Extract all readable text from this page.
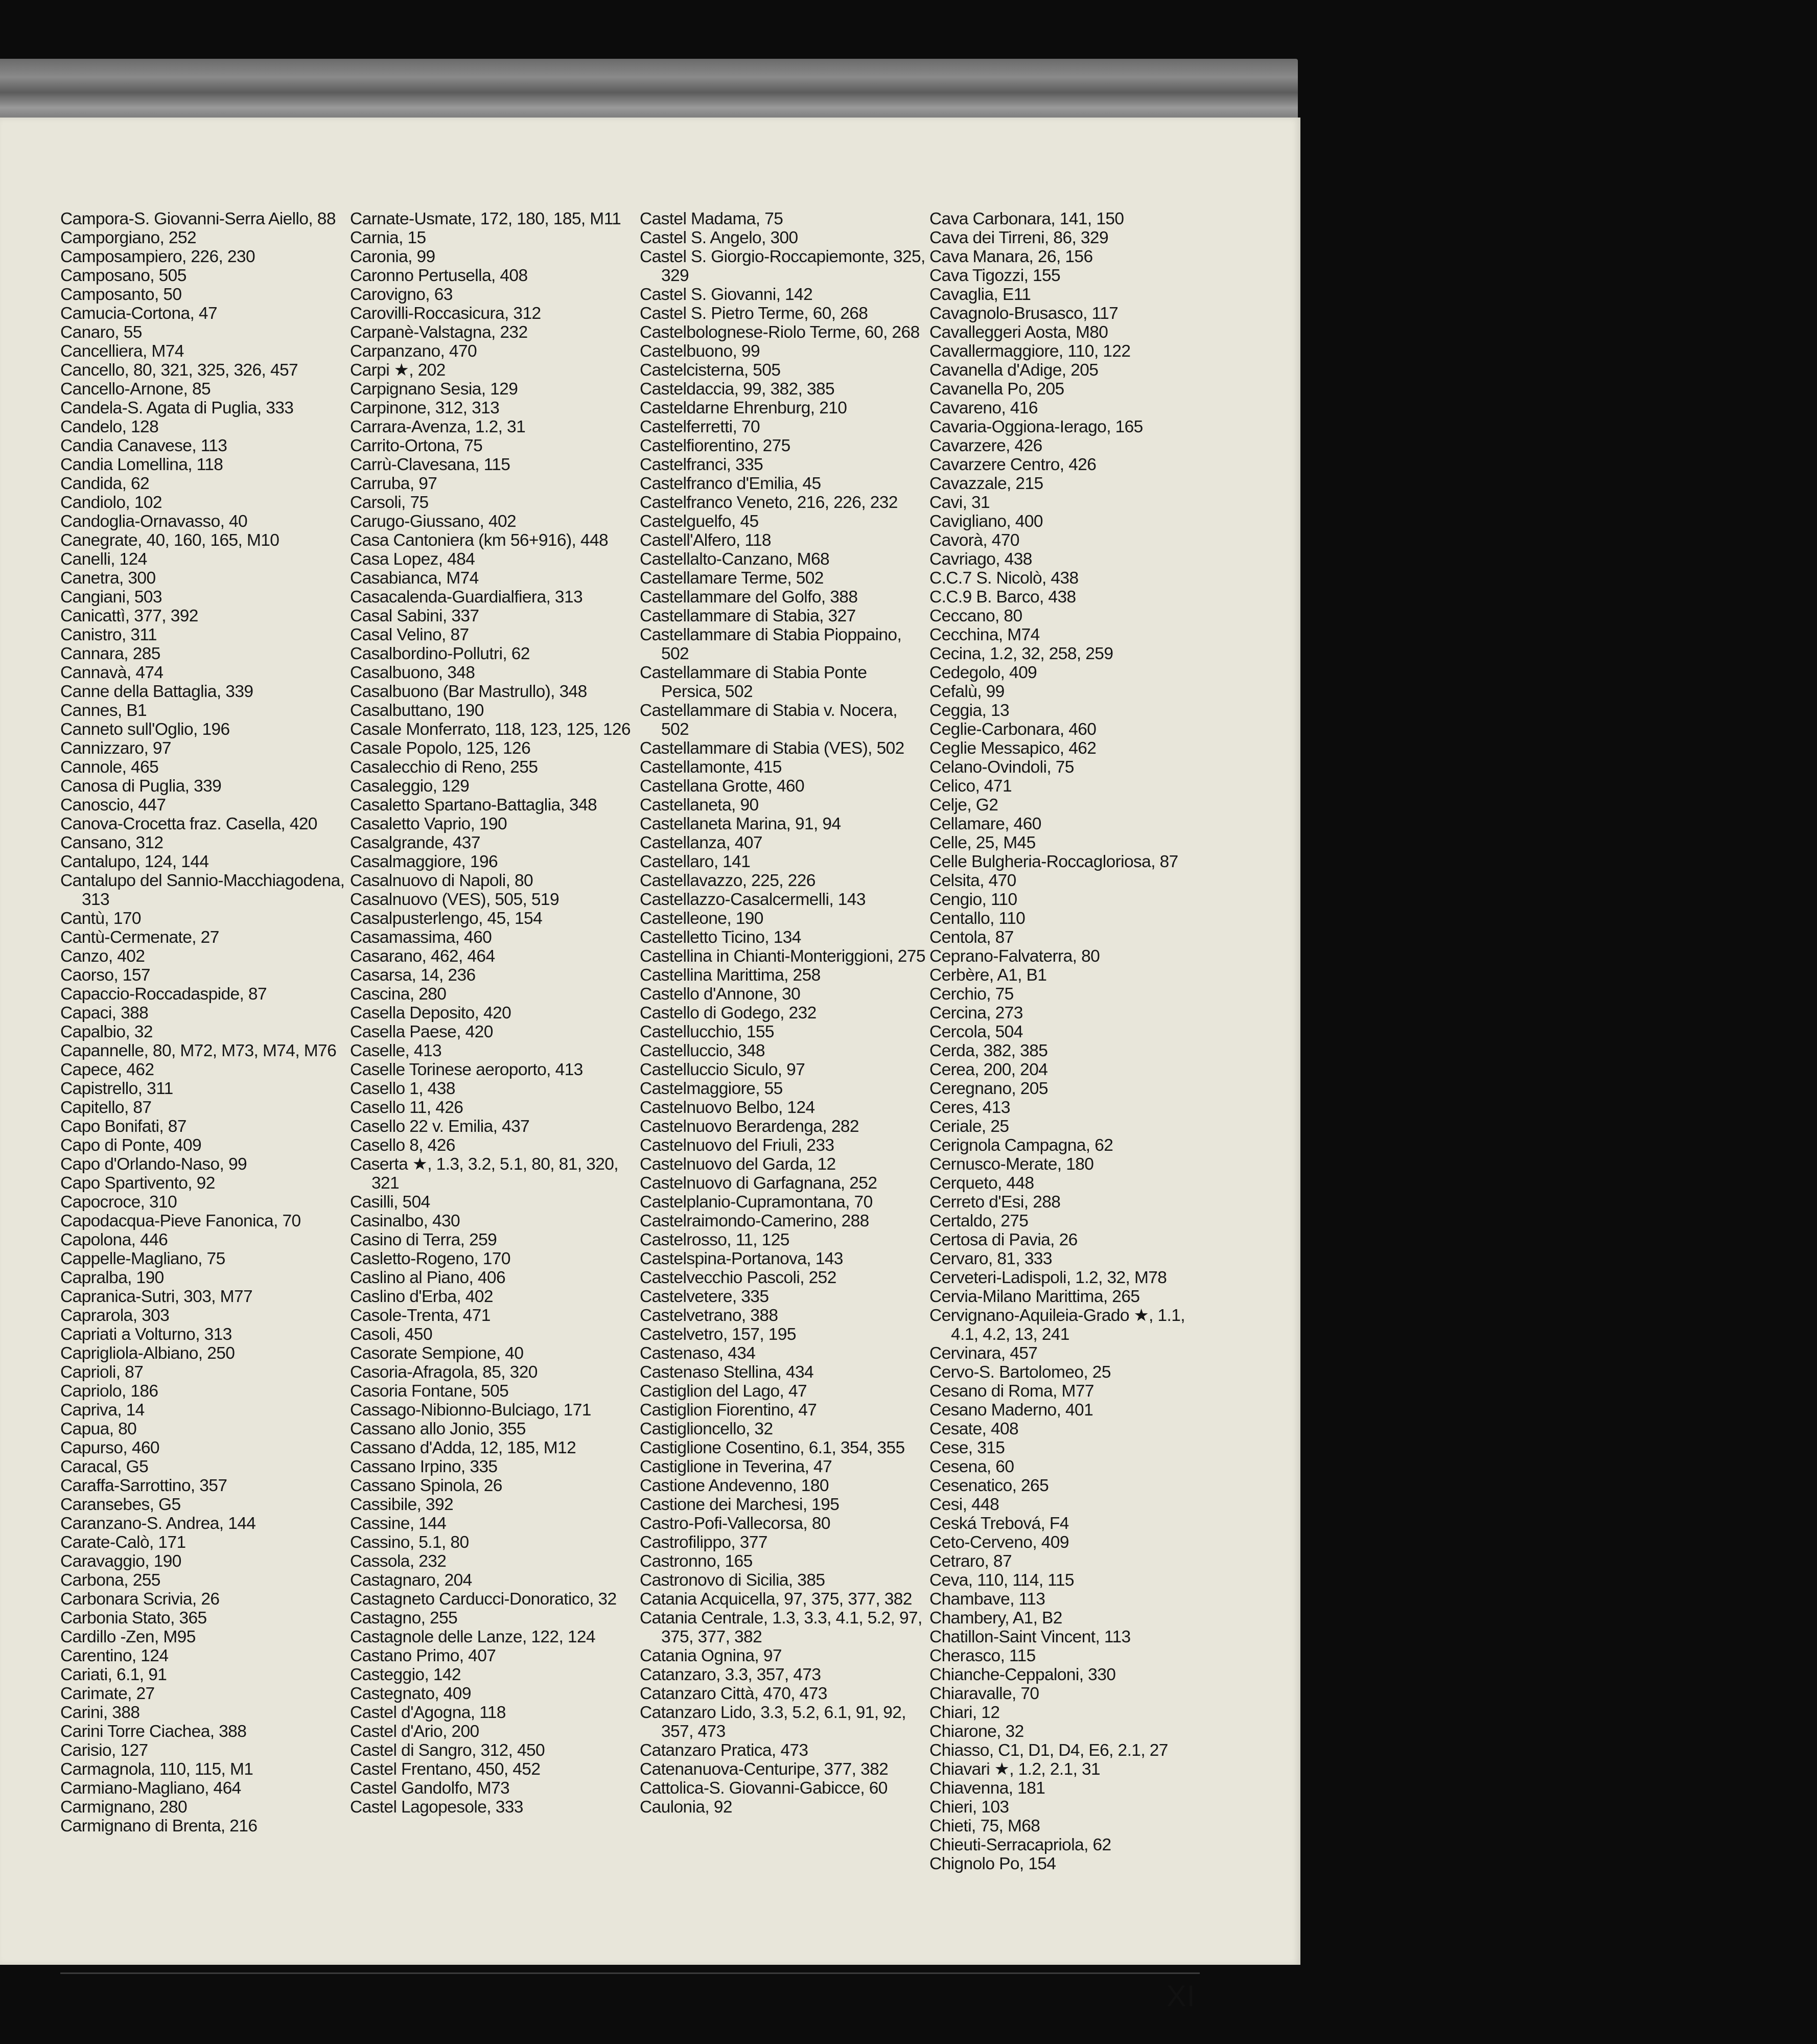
Campora-S. Giovanni-Serra Aiello, 88
Camporgiano, 252
Camposampiero, 226, 230
Camposano, 505
Camposanto, 50
Camucia-Cortona, 47
Canaro, 55
Cancelliera, M74
Cancello, 80, 321, 325, 326, 457
Cancello-Arnone, 85
Candela-S. Agata di Puglia, 333
Candelo, 128
Candia Canavese, 113
Candia Lomellina, 118
Candida, 62
Candiolo, 102
Candoglia-Ornavasso, 40
Canegrate, 40, 160, 165, M10
Canelli, 124
Canetra, 300
Cangiani, 503
Canicattì, 377, 392
Canistro, 311
Cannara, 285
Cannavà, 474
Canne della Battaglia, 339
Cannes, B1
Canneto sull'Oglio, 196
Cannizzaro, 97
Cannole, 465
Canosa di Puglia, 339
Canoscio, 447
Canova-Crocetta fraz. Casella, 420
Cansano, 312
Cantalupo, 124, 144
Cantalupo del Sannio-Macchiagodena, 313
Cantù, 170
Cantù-Cermenate, 27
Canzo, 402
Caorso, 157
Capaccio-Roccadaspide, 87
Capaci, 388
Capalbio, 32
Capannelle, 80, M72, M73, M74, M76
Capece, 462
Capistrello, 311
Capitello, 87
Capo Bonifati, 87
Capo di Ponte, 409
Capo d'Orlando-Naso, 99
Capo Spartivento, 92
Capocroce, 310
Capodacqua-Pieve Fanonica, 70
Capolona, 446
Cappelle-Magliano, 75
Capralba, 190
Capranica-Sutri, 303, M77
Caprarola, 303
Capriati a Volturno, 313
Caprigliola-Albiano, 250
Caprioli, 87
Capriolo, 186
Capriva, 14
Capua, 80
Capurso, 460
Caracal, G5
Caraffa-Sarrottino, 357
Caransebes, G5
Caranzano-S. Andrea, 144
Carate-Calò, 171
Caravaggio, 190
Carbona, 255
Carbonara Scrivia, 26
Carbonia Stato, 365
Cardillo -Zen, M95
Carentino, 124
Cariati, 6.1, 91
Carimate, 27
Carini, 388
Carini Torre Ciachea, 388
Carisio, 127
Carmagnola, 110, 115, M1
Carmiano-Magliano, 464
Carmignano, 280
Carmignano di Brenta, 216
Carnate-Usmate, 172, 180, 185, M11
Carnia, 15
Caronia, 99
Caronno Pertusella, 408
Carovigno, 63
Carovilli-Roccasicura, 312
Carpanè-Valstagna, 232
Carpanzano, 470
Carpi ★, 202
Carpignano Sesia, 129
Carpinone, 312, 313
Carrara-Avenza, 1.2, 31
Carrito-Ortona, 75
Carrù-Clavesana, 115
Carruba, 97
Carsoli, 75
Carugo-Giussano, 402
Casa Cantoniera (km 56+916), 448
Casa Lopez, 484
Casabianca, M74
Casacalenda-Guardialfiera, 313
Casal Sabini, 337
Casal Velino, 87
Casalbordino-Pollutri, 62
Casalbuono, 348
Casalbuono (Bar Mastrullo), 348
Casalbuttano, 190
Casale Monferrato, 118, 123, 125, 126
Casale Popolo, 125, 126
Casalecchio di Reno, 255
Casaleggio, 129
Casaletto Spartano-Battaglia, 348
Casaletto Vaprio, 190
Casalgrande, 437
Casalmaggiore, 196
Casalnuovo di Napoli, 80
Casalnuovo (VES), 505, 519
Casalpusterlengo, 45, 154
Casamassima, 460
Casarano, 462, 464
Casarsa, 14, 236
Cascina, 280
Casella Deposito, 420
Casella Paese, 420
Caselle, 413
Caselle Torinese aeroporto, 413
Casello 1, 438
Casello 11, 426
Casello 22 v. Emilia, 437
Casello 8, 426
Caserta ★, 1.3, 3.2, 5.1, 80, 81, 320, 321
Casilli, 504
Casinalbo, 430
Casino di Terra, 259
Casletto-Rogeno, 170
Caslino al Piano, 406
Caslino d'Erba, 402
Casole-Trenta, 471
Casoli, 450
Casorate Sempione, 40
Casoria-Afragola, 85, 320
Casoria Fontane, 505
Cassago-Nibionno-Bulciago, 171
Cassano allo Jonio, 355
Cassano d'Adda, 12, 185, M12
Cassano Irpino, 335
Cassano Spinola, 26
Cassibile, 392
Cassine, 144
Cassino, 5.1, 80
Cassola, 232
Castagnaro, 204
Castagneto Carducci-Donoratico, 32
Castagno, 255
Castagnole delle Lanze, 122, 124
Castano Primo, 407
Casteggio, 142
Castegnato, 409
Castel d'Agogna, 118
Castel d'Ario, 200
Castel di Sangro, 312, 450
Castel Frentano, 450, 452
Castel Gandolfo, M73
Castel Lagopesole, 333
Castel Madama, 75
Castel S. Angelo, 300
Castel S. Giorgio-Roccapiemonte, 325, 329
Castel S. Giovanni, 142
Castel S. Pietro Terme, 60, 268
Castelbolognese-Riolo Terme, 60, 268
Castelbuono, 99
Castelcisterna, 505
Casteldaccia, 99, 382, 385
Casteldarne Ehrenburg, 210
Castelferretti, 70
Castelfiorentino, 275
Castelfranci, 335
Castelfranco d'Emilia, 45
Castelfranco Veneto, 216, 226, 232
Castelguelfo, 45
Castell'Alfero, 118
Castellalto-Canzano, M68
Castellamare Terme, 502
Castellammare del Golfo, 388
Castellammare di Stabia, 327
Castellammare di Stabia Pioppaino, 502
Castellammare di Stabia Ponte Persica, 502
Castellammare di Stabia v. Nocera, 502
Castellammare di Stabia (VES), 502
Castellamonte, 415
Castellana Grotte, 460
Castellaneta, 90
Castellaneta Marina, 91, 94
Castellanza, 407
Castellaro, 141
Castellavazzo, 225, 226
Castellazzo-Casalcermelli, 143
Castelleone, 190
Castelletto Ticino, 134
Castellina in Chianti-Monteriggioni, 275
Castellina Marittima, 258
Castello d'Annone, 30
Castello di Godego, 232
Castellucchio, 155
Castelluccio, 348
Castelluccio Siculo, 97
Castelmaggiore, 55
Castelnuovo Belbo, 124
Castelnuovo Berardenga, 282
Castelnuovo del Friuli, 233
Castelnuovo del Garda, 12
Castelnuovo di Garfagnana, 252
Castelplanio-Cupramontana, 70
Castelraimondo-Camerino, 288
Castelrosso, 11, 125
Castelspina-Portanova, 143
Castelvecchio Pascoli, 252
Castelvetere, 335
Castelvetrano, 388
Castelvetro, 157, 195
Castenaso, 434
Castenaso Stellina, 434
Castiglion del Lago, 47
Castiglion Fiorentino, 47
Castiglioncello, 32
Castiglione Cosentino, 6.1, 354, 355
Castiglione in Teverina, 47
Castione Andevenno, 180
Castione dei Marchesi, 195
Castro-Pofi-Vallecorsa, 80
Castrofilippo, 377
Castronno, 165
Castronovo di Sicilia, 385
Catania Acquicella, 97, 375, 377, 382
Catania Centrale, 1.3, 3.3, 4.1, 5.2, 97, 375, 377, 382
Catania Ognina, 97
Catanzaro, 3.3, 357, 473
Catanzaro Città, 470, 473
Catanzaro Lido, 3.3, 5.2, 6.1, 91, 92, 357, 473
Catanzaro Pratica, 473
Catenanuova-Centuripe, 377, 382
Cattolica-S. Giovanni-Gabicce, 60
Caulonia, 92
Cava Carbonara, 141, 150
Cava dei Tirreni, 86, 329
Cava Manara, 26, 156
Cava Tigozzi, 155
Cavaglia, E11
Cavagnolo-Brusasco, 117
Cavalleggeri Aosta, M80
Cavallermaggiore, 110, 122
Cavanella d'Adige, 205
Cavanella Po, 205
Cavareno, 416
Cavaria-Oggiona-Ierago, 165
Cavarzere, 426
Cavarzere Centro, 426
Cavazzale, 215
Cavi, 31
Cavigliano, 400
Cavorà, 470
Cavriago, 438
C.C.7 S. Nicolò, 438
C.C.9 B. Barco, 438
Ceccano, 80
Cecchina, M74
Cecina, 1.2, 32, 258, 259
Cedegolo, 409
Cefalù, 99
Ceggia, 13
Ceglie-Carbonara, 460
Ceglie Messapico, 462
Celano-Ovindoli, 75
Celico, 471
Celje, G2
Cellamare, 460
Celle, 25, M45
Celle Bulgheria-Roccagloriosa, 87
Celsita, 470
Cengio, 110
Centallo, 110
Centola, 87
Ceprano-Falvaterra, 80
Cerbère, A1, B1
Cerchio, 75
Cercina, 273
Cercola, 504
Cerda, 382, 385
Cerea, 200, 204
Ceregnano, 205
Ceres, 413
Ceriale, 25
Cerignola Campagna, 62
Cernusco-Merate, 180
Cerqueto, 448
Cerreto d'Esi, 288
Certaldo, 275
Certosa di Pavia, 26
Cervaro, 81, 333
Cerveteri-Ladispoli, 1.2, 32, M78
Cervia-Milano Marittima, 265
Cervignano-Aquileia-Grado ★, 1.1, 4.1, 4.2, 13, 241
Cervinara, 457
Cervo-S. Bartolomeo, 25
Cesano di Roma, M77
Cesano Maderno, 401
Cesate, 408
Cese, 315
Cesena, 60
Cesenatico, 265
Cesi, 448
Ceská Trebová, F4
Ceto-Cerveno, 409
Cetraro, 87
Ceva, 110, 114, 115
Chambave, 113
Chambery, A1, B2
Chatillon-Saint Vincent, 113
Cherasco, 115
Chianche-Ceppaloni, 330
Chiaravalle, 70
Chiari, 12
Chiarone, 32
Chiasso, C1, D1, D4, E6, 2.1, 27
Chiavari ★, 1.2, 2.1, 31
Chiavenna, 181
Chieri, 103
Chieti, 75, M68
Chieuti-Serracapriola, 62
Chignolo Po, 154
XI
